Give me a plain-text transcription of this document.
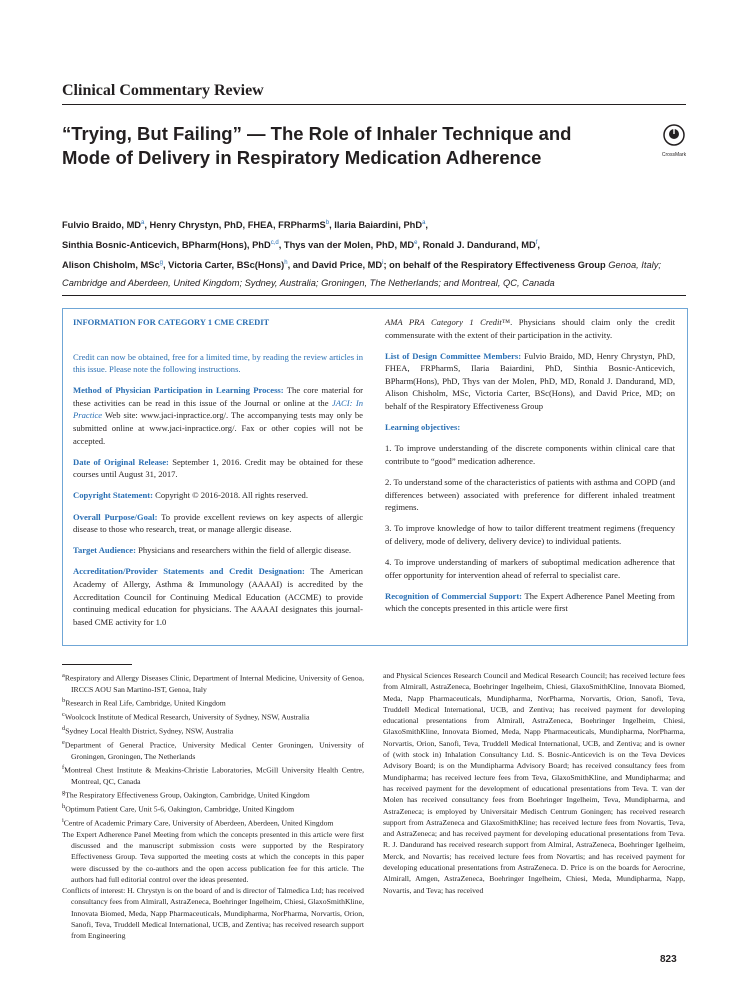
Clinical Commentary Review
“Trying, But Failing” — The Role of Inhaler Technique and Mode of Delivery in Respiratory Medication Adherence	CrossMark
Fulvio Braido, $MD^a$, Henry Chrystyn, PhD, FHEA, FRPharmS$^b$, Ilaria Baiardini, PhD$^a$,
Sinthia Bosnic-Anticevich, BPharm(Hons), PhD$^{c,d}$, Thys van der Molen, PhD, MDe, Ronald J. Dandurand, $MD^f$,
Alison Chisholm, MSc$^g$, Victoria Carter, BSc(Hons)$^h$, and David Price, $MD^i$; on behalf of the Respiratory Effectiveness Group Genoa, Italy; Cambridge and Aberdeen, United Kingdom; Sydney, Australia; Groningen, The Netherlands; and Montreal, QC, Canada

INFORMATION FOR CATEGORY 1 CME CREDIT

Credit can now be obtained, free for a limited time, by reading the review articles in this issue. Please note the following instructions.

Method of Physician Participation in Learning Process: The core material for these activities can be read in this issue of the Journal or online at the JACI: In Practice Web site: www.jaci-inpractice.org/. The accompanying tests may only be submitted online at www.jaci-inpractice.org/. Fax or other copies will not be accepted.

Date of Original Release: September 1, 2016. Credit may be obtained for these courses until August 31, 2017.

Copyright Statement: Copyright © 2016-2018. All rights reserved.

Overall Purpose/Goal: To provide excellent reviews on key aspects of allergic disease to those who research, treat, or manage allergic disease.

Target Audience: Physicians and researchers within the field of allergic disease.

Accreditation/Provider Statements and Credit Designation: The American Academy of Allergy, Asthma & Immunology (AAAAI) is accredited by the Accreditation Council for Continuing Medical Education (ACCME) to provide continuing medical education for physicians. The AAAAI designates this journal-based CME activity for 1.0

AMA PRA Category 1 Credit™. Physicians should claim only the credit commensurate with the extent of their participation in the activity.

List of Design Committee Members: Fulvio Braido, MD, Henry Chrystyn, PhD, FHEA, FRPharmS, Ilaria Baiardini, PhD, Sinthia Bosnic-Anticevich, BPharm(Hons), PhD, Thys van der Molen, PhD, MD, Ronald J. Dandurand, MD, Alison Chisholm, MSc, Victoria Carter, BSc(Hons), and David Price, MD; on behalf of the Respiratory Effectiveness Group

Learning objectives:

1. To improve understanding of the discrete components within clinical care that contribute to “good” medication adherence.

2. To understand some of the characteristics of patients with asthma and COPD (and differences between) associated with preference for different inhaled treatment regimens.

3. To improve knowledge of how to tailor different treatment regimens (frequency of delivery, mode of delivery, delivery device) to individual patients.

4. To improve understanding of markers of suboptimal medication adherence that offer opportunity for intervention ahead of referral to specialist care.

Recognition of Commercial Support: The Expert Adherence Panel Meeting from which the concepts presented in this article were first

$^a$Respiratory and Allergy Diseases Clinic, Department of Internal Medicine, University of Genoa, IRCCS AOU San Martino-IST, Genoa, Italy

$^b$Research in Real Life, Cambridge, United Kingdom

$^c$Woolcock Institute of Medical Research, University of Sydney, NSW, Australia

$^d$Sydney Local Health District, Sydney, NSW, Australia

$^e$Department of General Practice, University Medical Center Groningen, University of Groningen, Groningen, The Netherlands

$^f$Montreal Chest Institute & Meakins-Christie Laboratories, McGill University Health Centre, Montreal, QC, Canada

$^g$The Respiratory Effectiveness Group, Oakington, Cambridge, United Kingdom

$^h$Optimum Patient Care, Unit 5-6, Oakington, Cambridge, United Kingdom

$^i$Centre of Academic Primary Care, University of Aberdeen, Aberdeen, United Kingdom

The Expert Adherence Panel Meeting from which the concepts presented in this article were first discussed and the manuscript submission costs were supported by the Respiratory Effectiveness Group. Teva supported the meeting costs at which the concepts in this paper were discussed by the co-authors and the open access publication fee for this article. The authors had full editorial control over the ideas presented.

Conflicts of interest: H. Chrystyn is on the board of and is director of Talmedica Ltd; has received consultancy fees from Almirall, AstraZeneca, Boehringer Ingelheim, Chiesi, GlaxoSmithKline, Innovata Biomed, Meda, Napp Pharmaceuticals, Mundipharma, NorPharma, Norvartis, Orion, Sanofi, Teva, Truddell Medical International, UCB, and Zentiva; has received research support from Engineering

and Physical Sciences Research Council and Medical Research Council; has received lecture fees from Almirall, AstraZeneca, Boehringer Ingelheim, Chiesi, GlaxoSmithKline, Innovata Biomed, Meda, Napp Pharmaceuticals, Mundipharma, NorPharma, Norvartis, Orion, Sanofi, Teva, Truddell Medical International, UCB, and Zentiva; has received payment for developing educational presentations from Almirall, AstraZeneca, Boehringer Ingelheim, Chiesi, GlaxoSmithKline, Innovata Biomed, Meda, Napp Pharmaceuticals, Mundipharma, NorPharma, Norvartis, Orion, Sanofi, Teva, Truddell Medical International, UCB, and Zentiva; and is owner of (with stock in) Inhalation Consultancy Ltd. S. Bosnic-Anticevich is on the Teva Devices Advisory Board; is on the Mundipharma Advisory Board; has received consultancy fees from Mundipharma; has received lecture fees from Teva, GlaxoSmithKline, and Mundipharma; and has received payment for the development of educational presentations from Teva. T. van der Molen has received consultancy fees from Boehringer Ingelheim, Teva, Mundipharma, and AstraZeneca; is employed by Universitair Medisch Centrum Goningen; has received research support from AstraZeneca and GlaxoSmithKline; has received lecture fees from Novartis, Teva, and AstraZeneca; and has received payment for developing educational presentations from Teva. R. J. Dandurand has received research support from Almiral, AstraZeneca, Boehringer Igelheim, Merck, and Novartis; has received lecture fees from Novartis; and has received payment for developing educational presentations from AstraZeneca. D. Price is on the boards for Aerocrine, Almirall, Amgen, AstraZeneca, Boehringer Ingelheim, Chiesi, Meda, Mundipharma, Napp, Novartis, and Teva; has received

823
